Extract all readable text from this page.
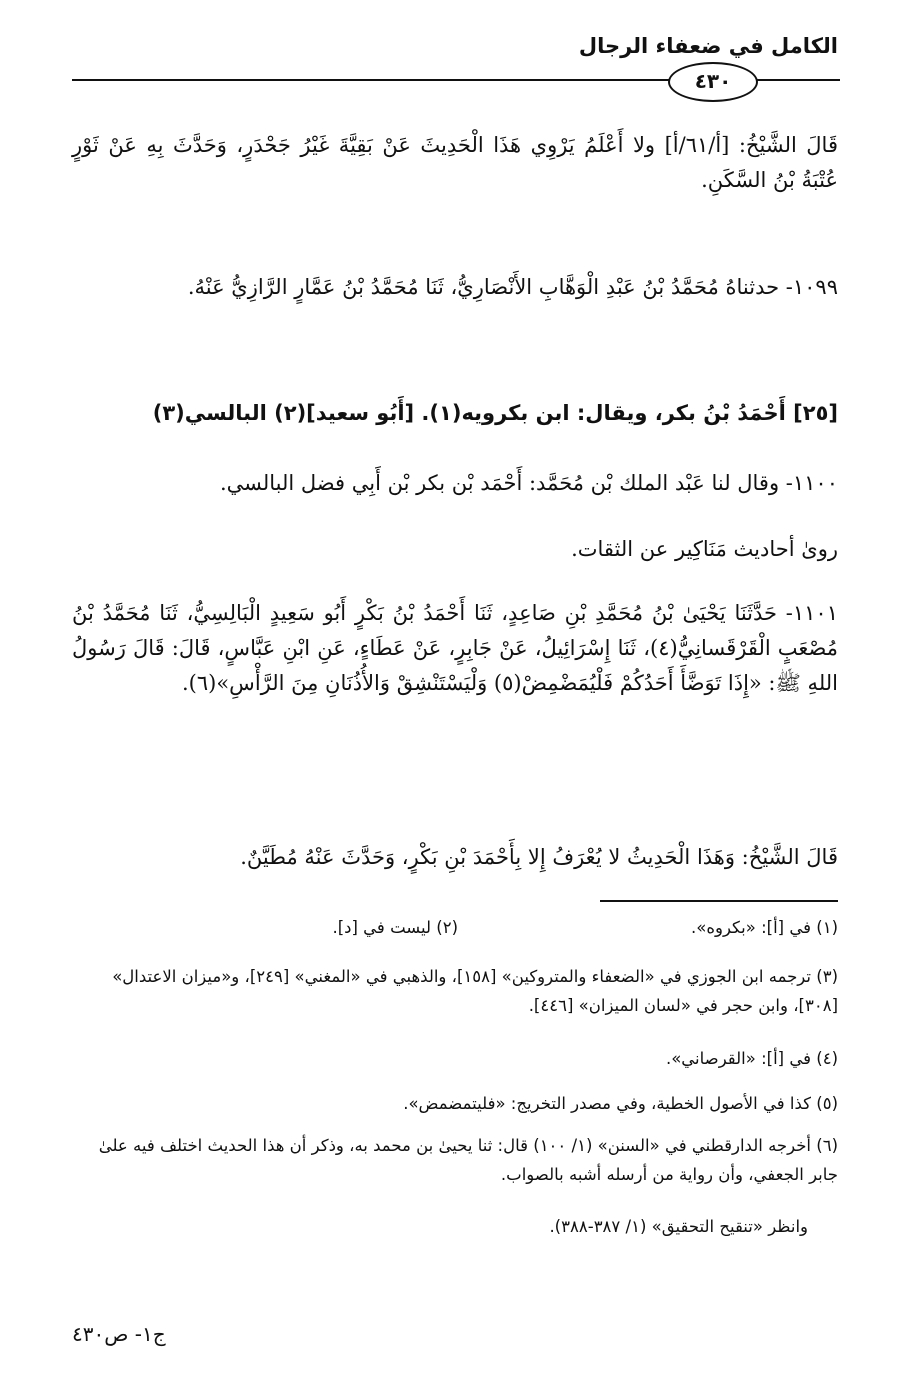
الكامل في ضعفاء الرجال
٤٣٠
قَالَ الشَّيْخُ: [أ/٦١/أ] ولا أَعْلَمُ يَرْوِي هَذَا الْحَدِيثَ عَنْ بَقِيَّةَ غَيْرُ جَحْدَرٍ، وَحَدَّثَ بِهِ عَنْ ثَوْرٍ عُتْبَةُ بْنُ السَّكَنِ.
١٠٩٩- حدثناهُ مُحَمَّدُ بْنُ عَبْدِ الْوَهَّابِ الأَنْصَارِيُّ، ثَنَا مُحَمَّدُ بْنُ عَمَّارٍ الرَّازِيُّ عَنْهُ.
[٢٥] أَحْمَدُ بْنُ بكر، ويقال: ابن بكرويه(١). [أَبُو سعيد](٢) البالسي(٣)
١١٠٠- وقال لنا عَبْد الملك بْن مُحَمَّد: أَحْمَد بْن بكر بْن أَبِي فضل البالسي.
رویٰ أحاديث مَنَاكِير عن الثقات.
١١٠١- حَدَّثَنَا يَحْيَىٰ بْنُ مُحَمَّدِ بْنِ صَاعِدٍ، ثَنَا أَحْمَدُ بْنُ بَكْرٍ أَبُو سَعِيدٍ الْبَالِسِيُّ، ثَنَا مُحَمَّدُ بْنُ مُصْعَبٍ الْقَرْقَسانِيُّ(٤)، ثَنَا إِسْرَائِيلُ، عَنْ جَابِرٍ، عَنْ عَطَاءٍ، عَنِ ابْنِ عَبَّاسٍ، قَالَ: قَالَ رَسُولُ اللهِ ﷺ: «إِذَا تَوَضَّأَ أَحَدُكُمْ فَلْيُمَضْمِضْ(٥) وَلْيَسْتَنْشِقْ وَالأُذُنَانِ مِنَ الرَّأْسِ»(٦).
قَالَ الشَّيْخُ: وَهَذَا الْحَدِيثُ لا يُعْرَفُ إِلا بِأَحْمَدَ بْنِ بَكْرٍ، وَحَدَّثَ عَنْهُ مُطَيَّنٌ.
(١) في [أ]: «بكروه».
(٢) ليست في [د].
(٣) ترجمه ابن الجوزي في «الضعفاء والمتروكين» [١٥٨]، والذهبي في «المغني» [٢٤٩]، و«ميزان الاعتدال» [٣٠٨]، وابن حجر في «لسان الميزان» [٤٤٦].
(٤) في [أ]: «القرصاني».
(٥) كذا في الأصول الخطية، وفي مصدر التخريج: «فليتمضمض».
(٦) أخرجه الدارقطني في «السنن» (١/ ١٠٠) قال: ثنا يحيىٰ بن محمد به، وذكر أن هذا الحديث اختلف فيه علىٰ جابر الجعفي، وأن رواية من أرسله أشبه بالصواب.
وانظر «تنقيح التحقيق» (١/ ٣٨٧-٣٨٨).
ج١- ص٤٣٠
